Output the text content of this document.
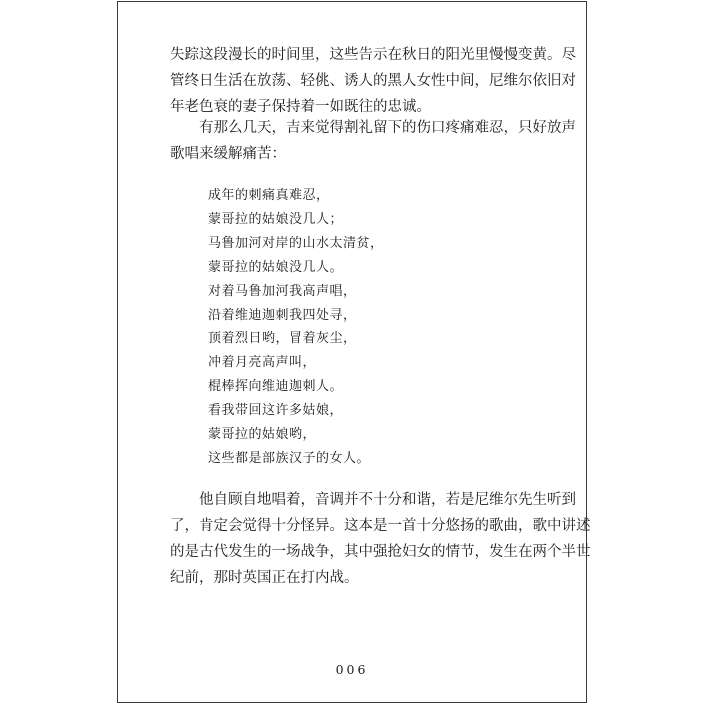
失踪这段漫长的时间里，这些告示在秋日的阳光里慢慢变黄。尽
管终日生活在放荡、轻佻、诱人的黑人女性中间，尼维尔依旧对
年老色衰的妻子保持着一如既往的忠诚。

有那么几天，吉来觉得割礼留下的伤口疼痛难忍，只好放声
歌唱来缓解痛苦：

成年的刺痛真难忍，
蒙哥拉的姑娘没几人；
马鲁加河对岸的山水太清贫，
蒙哥拉的姑娘没几人。
对着马鲁加河我高声唱，
沿着维迪迦刺我四处寻，
顶着烈日哟，冒着灰尘，
冲着月亮高声叫，
棍棒挥向维迪迦刺人。
看我带回这许多姑娘，
蒙哥拉的姑娘哟，
这些都是部族汉子的女人。

他自顾自地唱着，音调并不十分和谐，若是尼维尔先生听到
了，肯定会觉得十分怪异。这本是一首十分悠扬的歌曲，歌中讲述
的是古代发生的一场战争，其中强抢妇女的情节，发生在两个半世
纪前，那时英国正在打内战。

006
